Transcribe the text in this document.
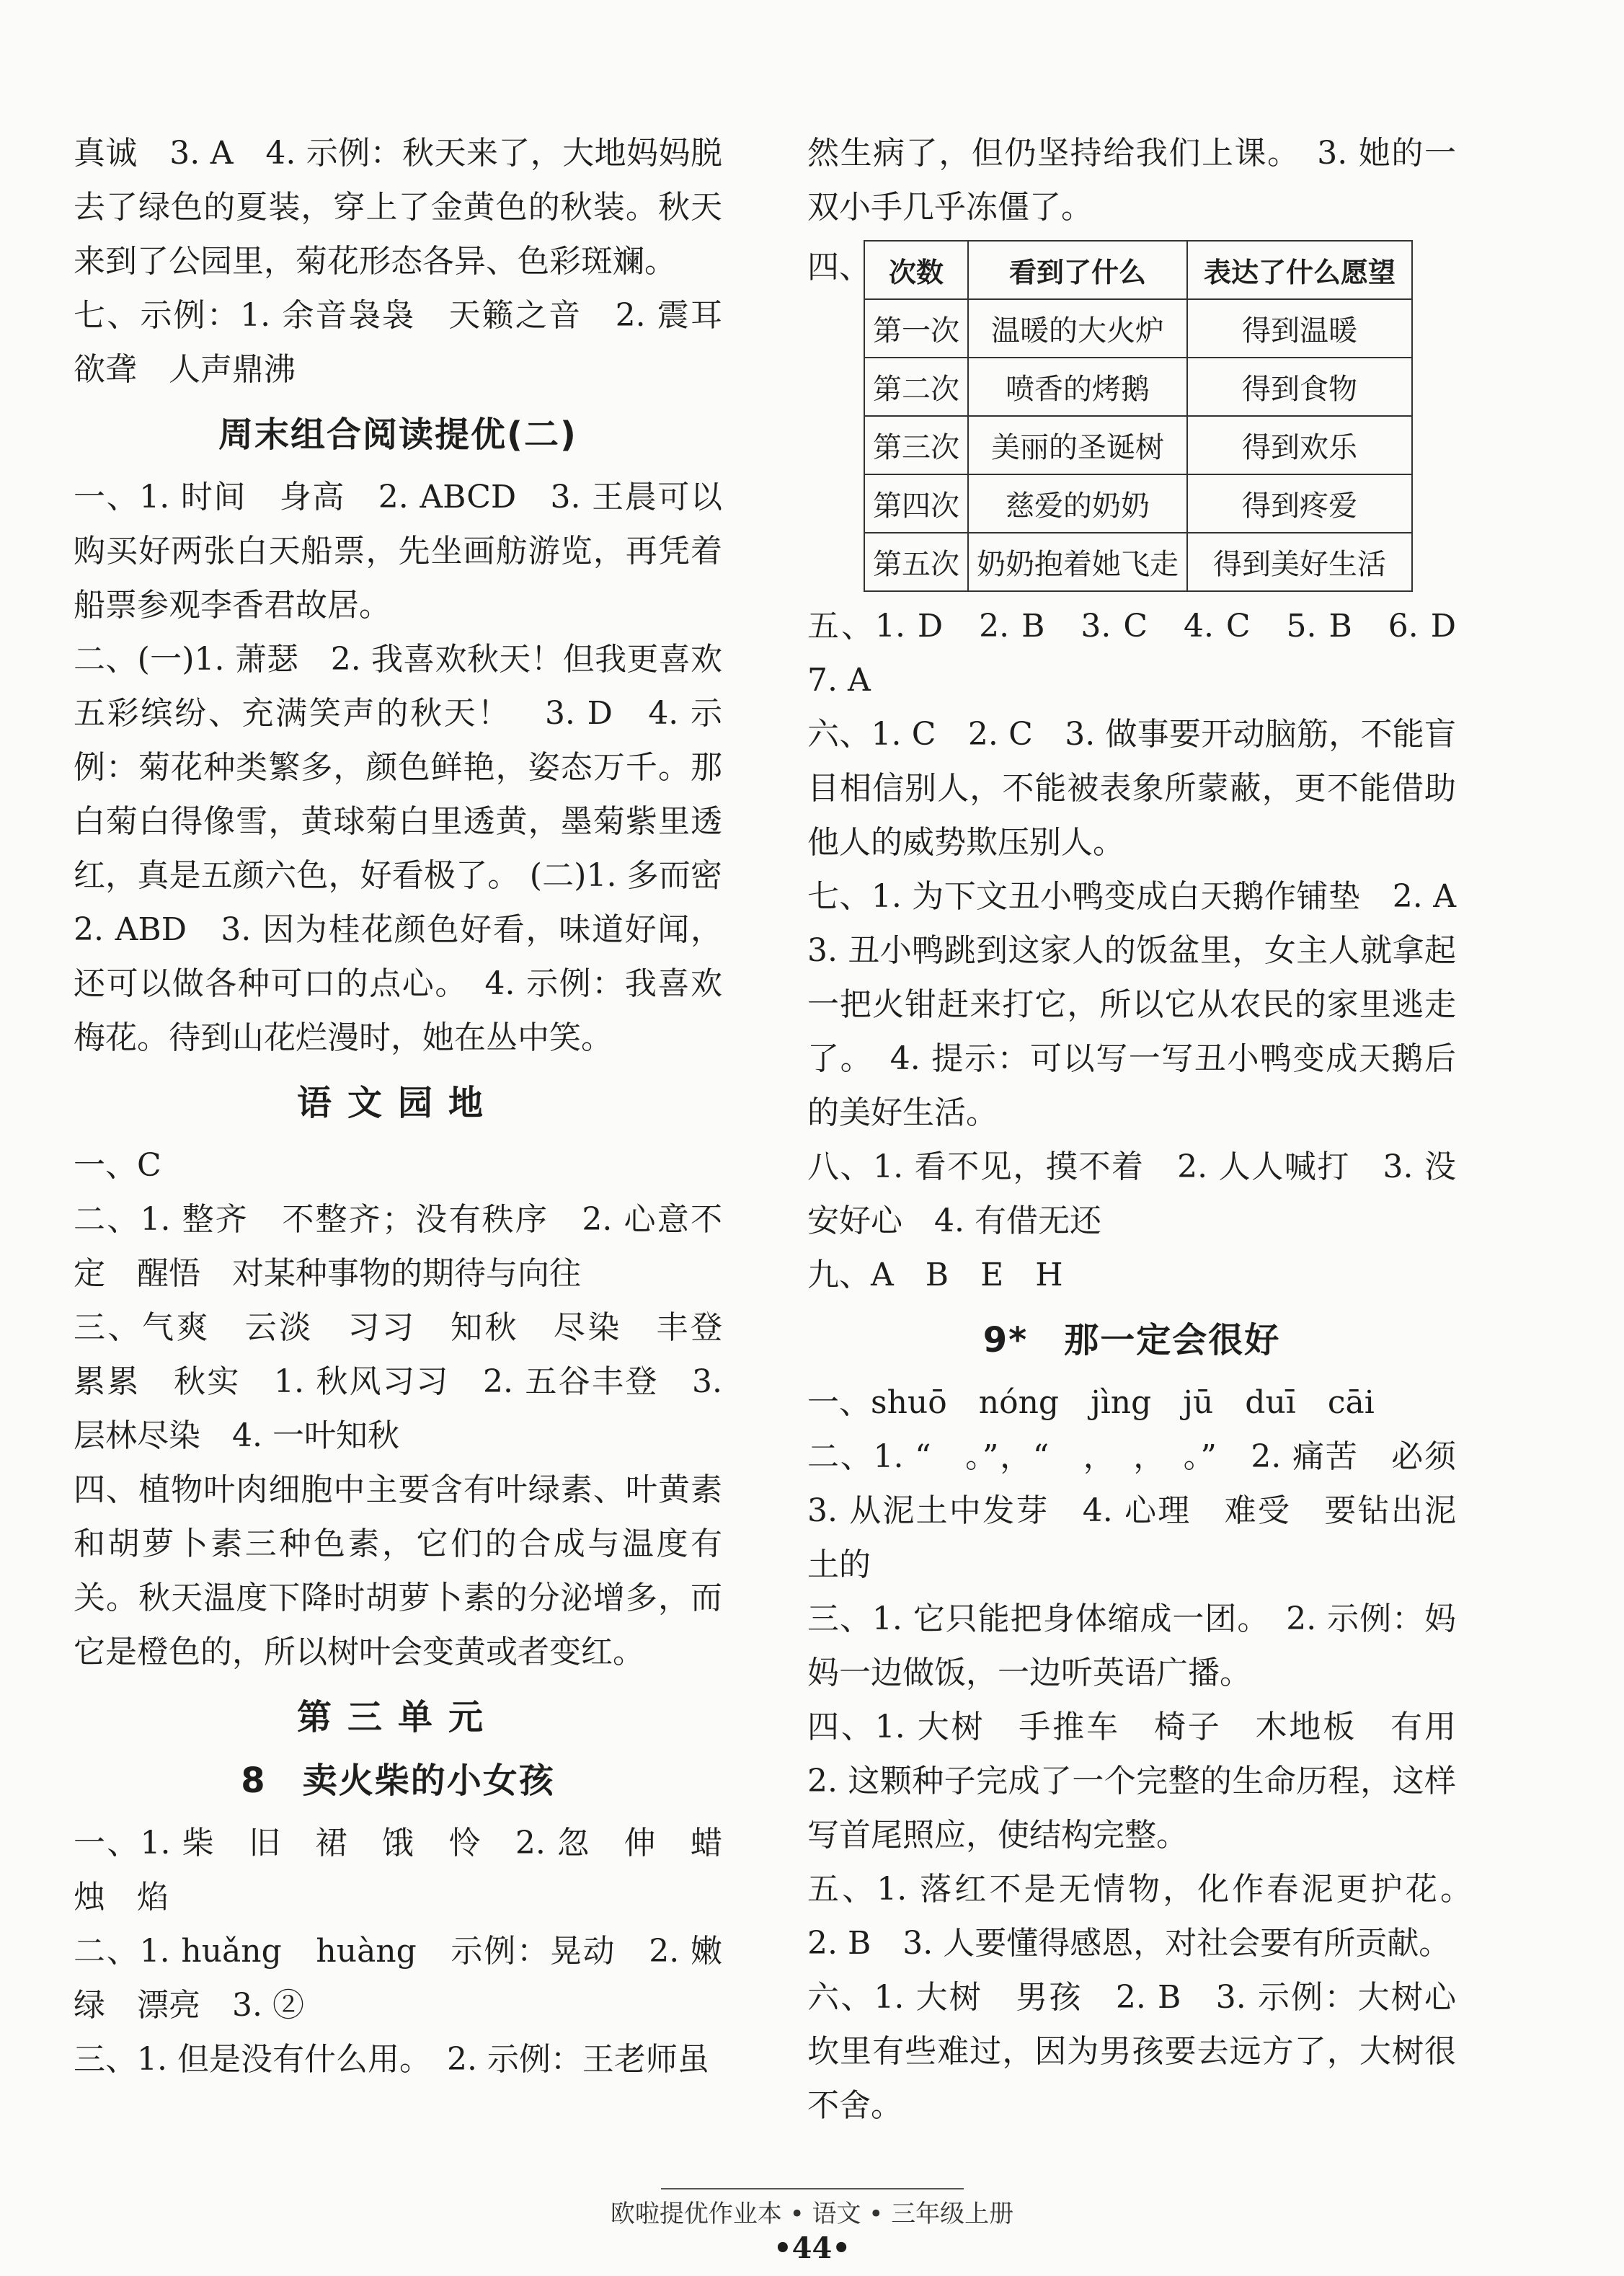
真诚　3. A　4. 示例：秋天来了，大地妈妈脱去了绿色的夏装，穿上了金黄色的秋装。秋天来到了公园里，菊花形态各异、色彩斑斓。

七、示例：1. 余音袅袅　天籁之音　2. 震耳欲聋　人声鼎沸

周末组合阅读提优(二)

一、1. 时间　身高　2. ABCD　3. 王晨可以购买好两张白天船票，先坐画舫游览，再凭着船票参观李香君故居。

二、(一)1. 萧瑟　2. 我喜欢秋天！但我更喜欢五彩缤纷、充满笑声的秋天！　3. D　4. 示例：菊花种类繁多，颜色鲜艳，姿态万千。那白菊白得像雪，黄球菊白里透黄，墨菊紫里透红，真是五颜六色，好看极了。 (二)1. 多而密　2. ABD　3. 因为桂花颜色好看，味道好闻，还可以做各种可口的点心。　4. 示例：我喜欢梅花。待到山花烂漫时，她在丛中笑。

语文园地

一、C

二、1. 整齐　不整齐；没有秩序　2. 心意不定　醒悟　对某种事物的期待与向往

三、气爽　云淡　习习　知秋　尽染　丰登　累累　秋实　1. 秋风习习　2. 五谷丰登　3. 层林尽染　4. 一叶知秋

四、植物叶肉细胞中主要含有叶绿素、叶黄素和胡萝卜素三种色素，它们的合成与温度有关。秋天温度下降时胡萝卜素的分泌增多，而它是橙色的，所以树叶会变黄或者变红。

第三单元
8　卖火柴的小女孩

一、1. 柴　旧　裙　饿　怜　2. 忽　伸　蜡　烛　焰

二、1. huǎng　huàng　示例：晃动　2. 嫩绿　漂亮　3. ②

三、1. 但是没有什么用。　2. 示例：王老师虽

然生病了，但仍坚持给我们上课。　3. 她的一双小手几乎冻僵了。

四、 次数	看到了什么	表达了什么愿望
第一次	温暖的大火炉	得到温暖
第二次	喷香的烤鹅	得到食物
第三次	美丽的圣诞树	得到欢乐
第四次	慈爱的奶奶	得到疼爱
第五次	奶奶抱着她飞走	得到美好生活

五、1. D　2. B　3. C　4. C　5. B　6. D　7. A

六、1. C　2. C　3. 做事要开动脑筋，不能盲目相信别人，不能被表象所蒙蔽，更不能借助他人的威势欺压别人。

七、1. 为下文丑小鸭变成白天鹅作铺垫　2. A　3. 丑小鸭跳到这家人的饭盆里，女主人就拿起一把火钳赶来打它，所以它从农民的家里逃走了。　4. 提示：可以写一写丑小鸭变成天鹅后的美好生活。

八、1. 看不见，摸不着　2. 人人喊打　3. 没安好心　4. 有借无还

九、A　B　E　H

9*　那一定会很好

一、shuō　nóng　jìng　jū　duī　cāi

二、1. “　。”，“　，　，　。”　2. 痛苦　必须　3. 从泥土中发芽　4. 心理　难受　要钻出泥土的

三、1. 它只能把身体缩成一团。　2. 示例：妈妈一边做饭，一边听英语广播。

四、1. 大树　手推车　椅子　木地板　有用　2. 这颗种子完成了一个完整的生命历程，这样写首尾照应，使结构完整。

五、1. 落红不是无情物，化作春泥更护花。　2. B　3. 人要懂得感恩，对社会要有所贡献。

六、1. 大树　男孩　2. B　3. 示例：大树心坎里有些难过，因为男孩要去远方了，大树很不舍。

欧啦提优作业本 • 语文 • 三年级上册
•44•
